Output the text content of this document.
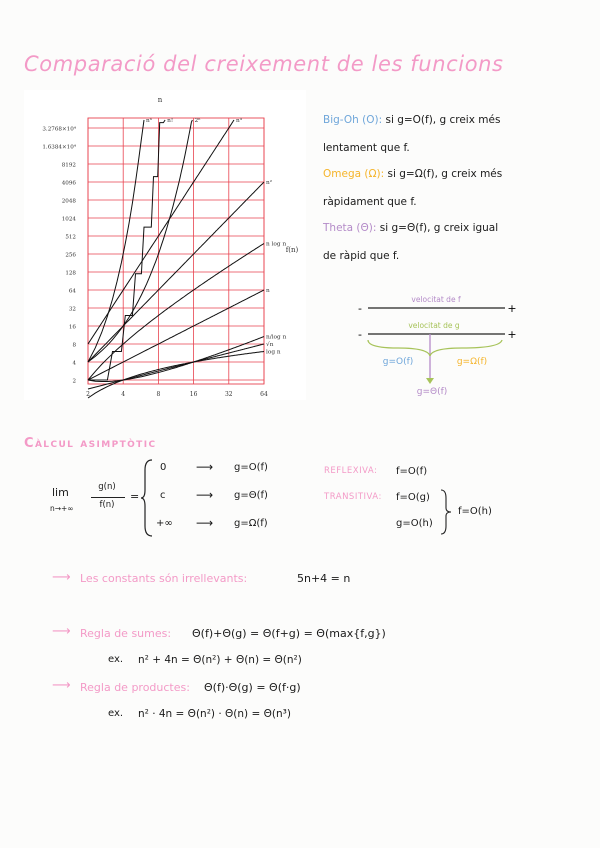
Comparació del creixement de les funcions
n
f(n)
3.2768×10⁴
1.6384×10⁴
8192
4096
2048
1024
512
256
128
64
32
16
8
4
2
2	4	8	16	32	64
nⁿ	n!	2ⁿ	n³
n²
n log n
n
n/log n
√n
log n
Big-Oh (O): si g=O(f), g creix més
lentament que f.
Omega (Ω): si g=Ω(f), g creix més
ràpidament que f.
Theta (Θ): si g=Θ(f), g creix igual
de ràpid que f.
velocitat de f
velocitat de g
-	+
-	+
g=O(f)	g=Ω(f)
g=Θ(f)
Càlcul asimptòtic
lim
n→+∞
g(n)
f(n)
=
0 ⟶ g=O(f)
c	⟶ g=Θ(f)
+∞ ⟶ g=Ω(f)
REFLEXIVA: f=O(f)
TRANSITIVA: f=O(g)
g=O(h)
f=O(h)
⟶ Les constants són irrellevants:	5n+4 = n
⟶ Regla de sumes: Θ(f)+Θ(g) = Θ(f+g) = Θ(max{f,g})
ex. n² + 4n = Θ(n²) + Θ(n) = Θ(n²)
⟶ Regla de productes: Θ(f)·Θ(g) = Θ(f·g)
ex. n² · 4n = Θ(n²) · Θ(n) = Θ(n³)
